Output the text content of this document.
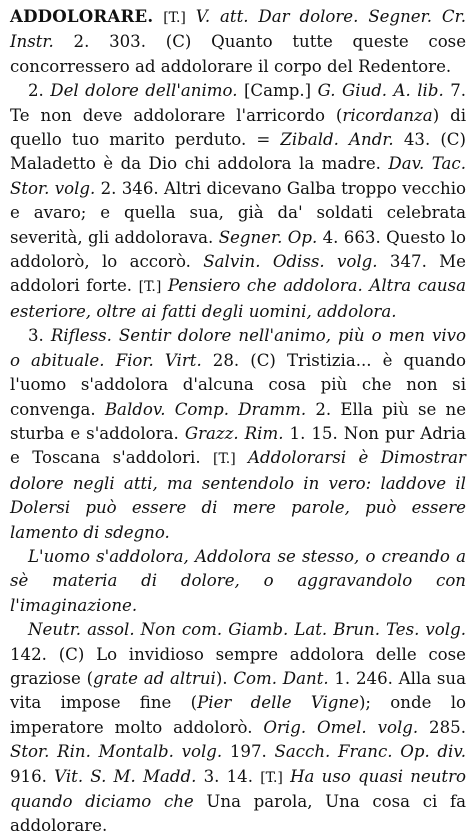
ADDOLORARE. [T.] V. att. Dar dolore. Segner. Cr. Instr. 2. 303. (C) Quanto tutte queste cose concorressero ad addolorare il corpo del Redentore.

2. Del dolore dell'animo. [Camp.] G. Giud. A. lib. 7. Te non deve addolorare l'arricordo (ricordanza) di quello tuo marito perduto. = Zibald. Andr. 43. (C) Maladetto è da Dio chi addolora la madre. Dav. Tac. Stor. volg. 2. 346. Altri dicevano Galba troppo vecchio e avaro; e quella sua, già da' soldati celebrata severità, gli addolorava. Segner. Op. 4. 663. Questo lo addolorò, lo accorò. Salvin. Odiss. volg. 347. Me addolori forte. [T.] Pensiero che addolora. Altra causa esteriore, oltre ai fatti degli uomini, addolora.

3. Rifless. Sentir dolore nell'animo, più o men vivo o abituale. Fior. Virt. 28. (C) Tristizia... è quando l'uomo s'addolora d'alcuna cosa più che non si convenga. Baldov. Comp. Dramm. 2. Ella più se ne sturba e s'addolora. Grazz. Rim. 1. 15. Non pur Adria e Toscana s'addolori. [T.] Addolorarsi è Dimostrar dolore negli atti, ma sentendolo in vero: laddove il Dolersi può essere di mere parole, può essere lamento di sdegno.

L'uomo s'addolora, Addolora se stesso, o creando a sè materia di dolore, o aggravandolo con l'imaginazione.

Neutr. assol. Non com. Giamb. Lat. Brun. Tes. volg. 142. (C) Lo invidioso sempre addolora delle cose graziose (grate ad altrui). Com. Dant. 1. 246. Alla sua vita impose fine (Pier delle Vigne); onde lo imperatore molto addolorò. Orig. Omel. volg. 285. Stor. Rin. Montalb. volg. 197. Sacch. Franc. Op. div. 916. Vit. S. M. Madd. 3. 14. [T.] Ha uso quasi neutro quando diciamo che Una parola, Una cosa ci fa addolorare.
